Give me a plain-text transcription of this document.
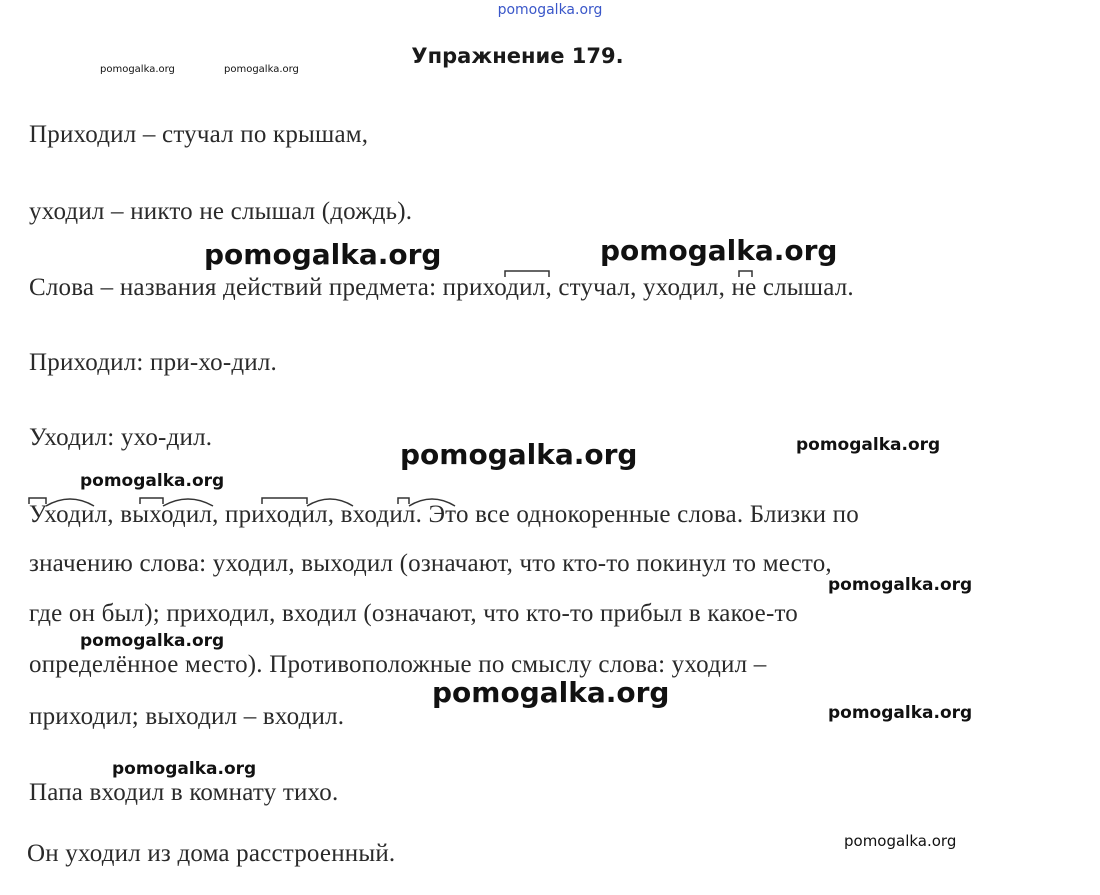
pomogalka.org
Упражнение 179.

Приходил – стучал по крышам,

уходил – никто не слышал (дождь).

Слова – названия действий предмета: приходил, стучал, уходил, не слышал.

Приходил: при-хо-дил.

Уходил: ухо-дил.

Уходил, выходил, приходил, входил. Это все однокоренные слова. Близки по

значению слова: уходил, выходил (означают, что кто-то покинул то место,

где он был); приходил, входил (означают, что кто-то прибыл в какое-то

определённое место). Противоположные по смыслу слова: уходил –

приходил; выходил – входил.

Папа входил в комнату тихо.

Он уходил из дома расстроенный.

pomogalka.org	pomogalka.org
pomogalka.org	pomogalka.org
pomogalka.org	pomogalka.org
pomogalka.org
pomogalka.org
pomogalka.org
pomogalka.org
pomogalka.org
pomogalka.org
pomogalka.org
